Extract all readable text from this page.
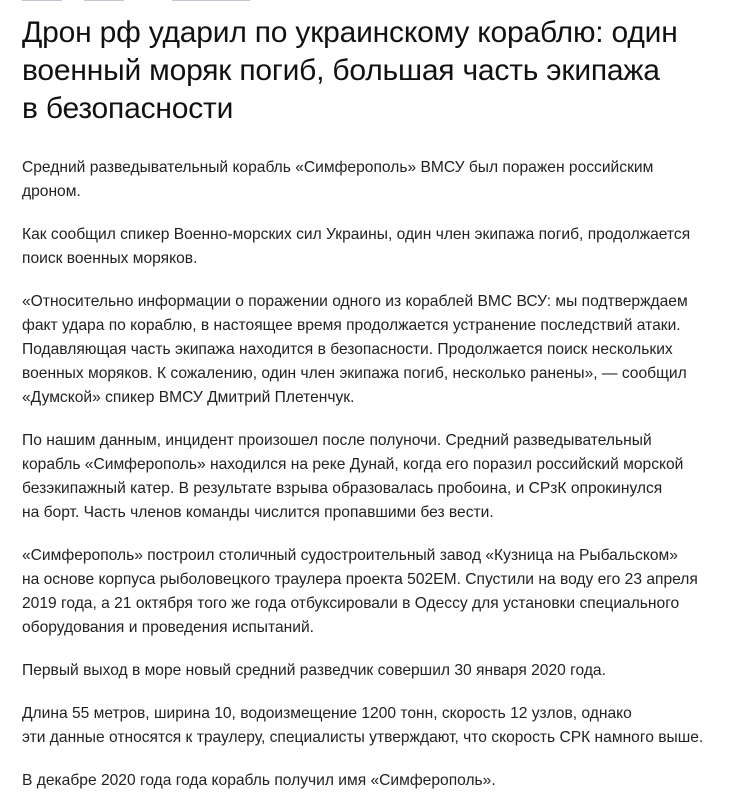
Дрон рф ударил по украинскому кораблю: один
военный моряк погиб, большая часть экипажа
в безопасности

Средний разведывательный корабль «Симферополь» ВМСУ был поражен российским
дроном.

Как сообщил спикер Военно-морских сил Украины, один член экипажа погиб, продолжается
поиск военных моряков.

«Относительно информации о поражении одного из кораблей ВМС ВСУ: мы подтверждаем
факт удара по кораблю, в настоящее время продолжается устранение последствий атаки.
Подавляющая часть экипажа находится в безопасности. Продолжается поиск нескольких
военных моряков. К сожалению, один член экипажа погиб, несколько ранены», — сообщил
«Думской» спикер ВМСУ Дмитрий Плетенчук.

По нашим данным, инцидент произошел после полуночи. Средний разведывательный
корабль «Симферополь» находился на реке Дунай, когда его поразил российский морской
безэкипажный катер. В результате взрыва образовалась пробоина, и СРзК опрокинулся
на борт. Часть членов команды числится пропавшими без вести.

«Симферополь» построил столичный судостроительный завод «Кузница на Рыбальском»
на основе корпуса рыболовецкого траулера проекта 502ЕМ. Спустили на воду его 23 апреля
2019 года, а 21 октября того же года отбуксировали в Одессу для установки специального
оборудования и проведения испытаний.

Первый выход в море новый средний разведчик совершил 30 января 2020 года.

Длина 55 метров, ширина 10, водоизмещение 1200 тонн, скорость 12 узлов, однако
эти данные относятся к траулеру, специалисты утверждают, что скорость СРК намного выше.

В декабре 2020 года года корабль получил имя «Симферополь».
